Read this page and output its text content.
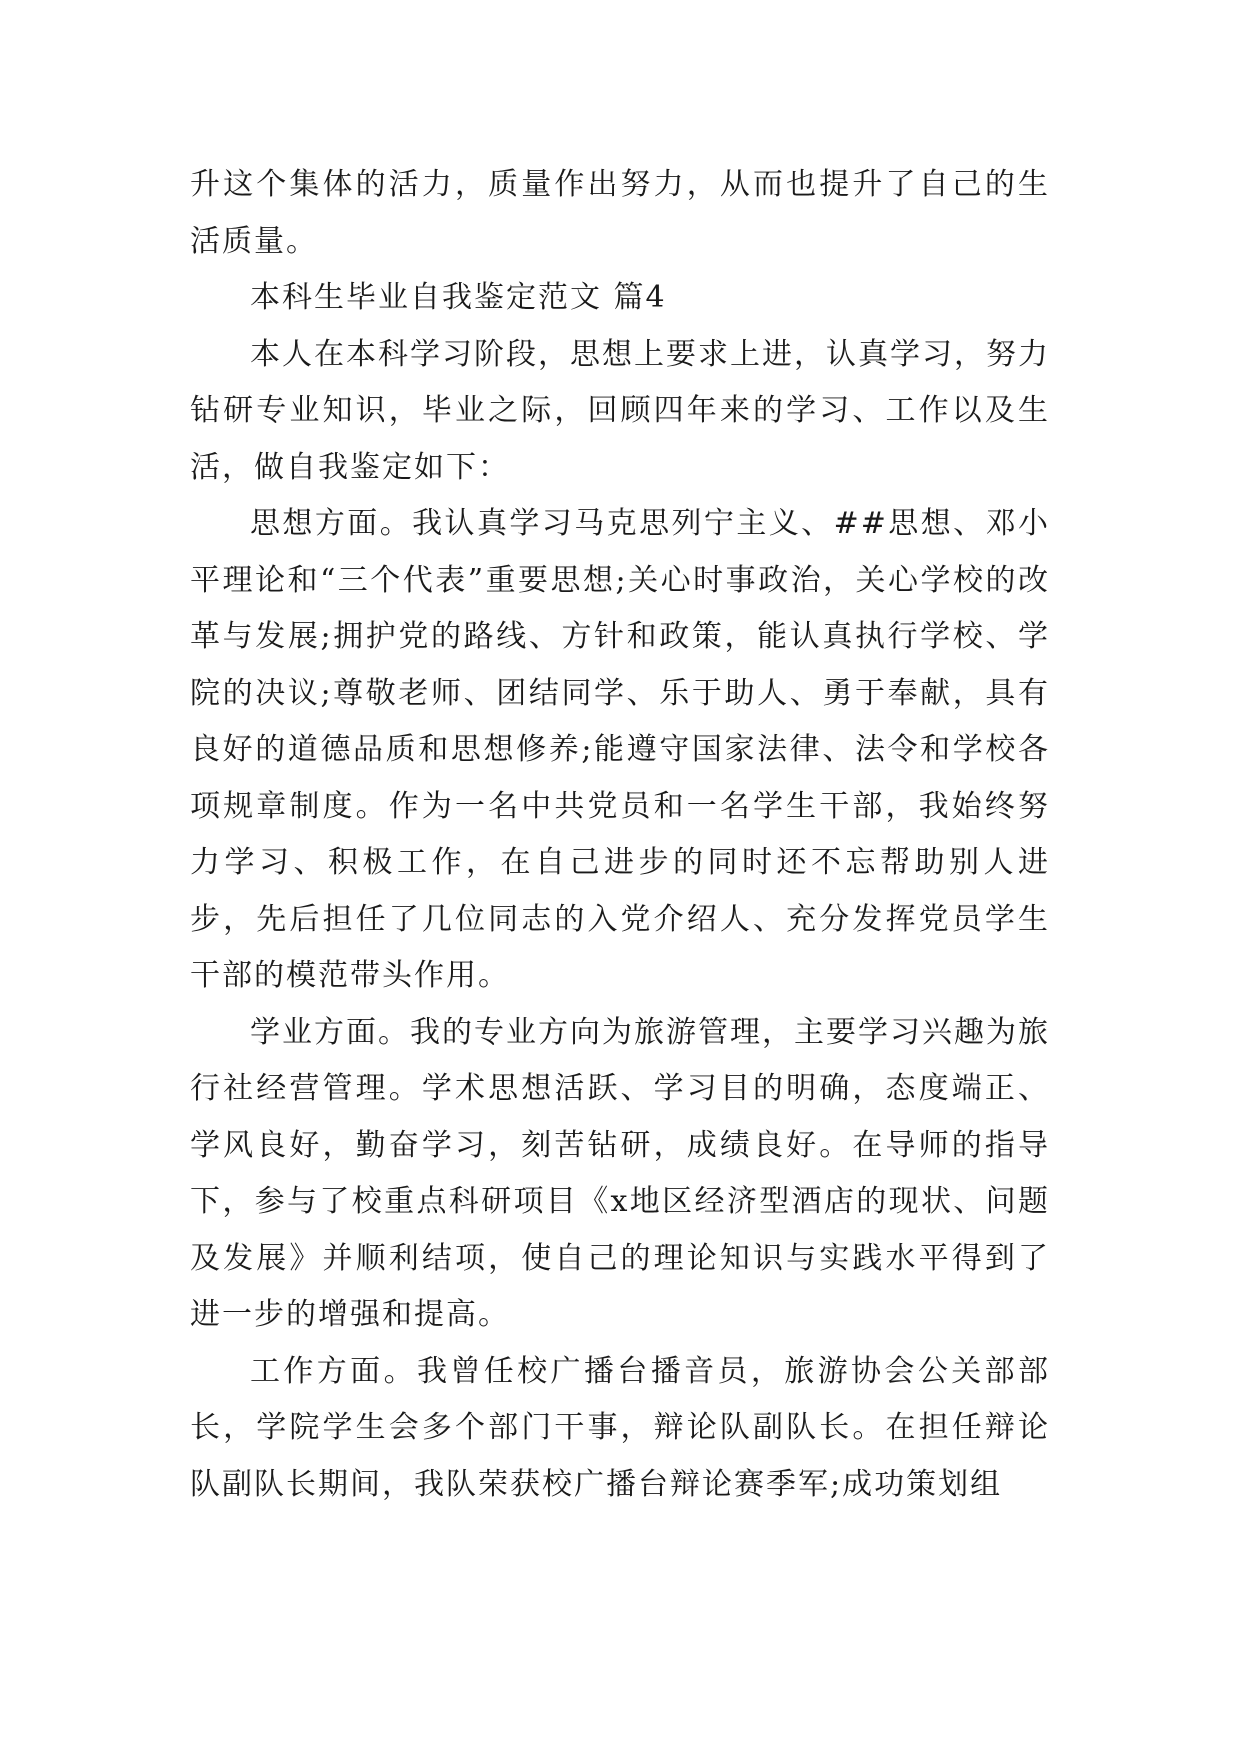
升这个集体的活力，质量作出努力，从而也提升了自己的生活质量。

本科生毕业自我鉴定范文 篇4

本人在本科学习阶段，思想上要求上进，认真学习，努力钻研专业知识，毕业之际，回顾四年来的学习、工作以及生活，做自我鉴定如下：

思想方面。我认真学习马克思列宁主义、##思想、邓小平理论和“三个代表”重要思想;关心时事政治，关心学校的改革与发展;拥护党的路线、方针和政策，能认真执行学校、学院的决议;尊敬老师、团结同学、乐于助人、勇于奉献，具有良好的道德品质和思想修养;能遵守国家法律、法令和学校各项规章制度。作为一名中共党员和一名学生干部，我始终努力学习、积极工作，在自己进步的同时还不忘帮助别人进步，先后担任了几位同志的入党介绍人、充分发挥党员学生干部的模范带头作用。

学业方面。我的专业方向为旅游管理，主要学习兴趣为旅行社经营管理。学术思想活跃、学习目的明确，态度端正、学风良好，勤奋学习，刻苦钻研，成绩良好。在导师的指导下，参与了校重点科研项目《x地区经济型酒店的现状、问题及发展》并顺利结项，使自己的理论知识与实践水平得到了进一步的增强和提高。

工作方面。我曾任校广播台播音员，旅游协会公关部部长，学院学生会多个部门干事，辩论队副队长。在担任辩论队副队长期间，我队荣获校广播台辩论赛季军;成功策划组
